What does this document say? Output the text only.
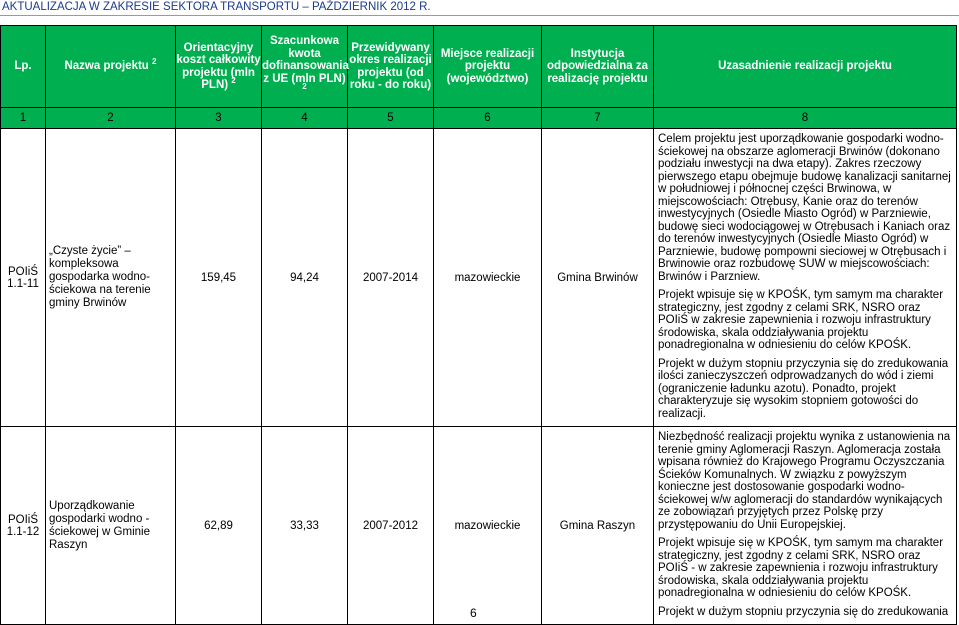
AKTUALIZACJA W ZAKRESIE SEKTORA TRANSPORTU – PAŹDZIERNIK 2012 R.
Lp.	Nazwa projektu $^2$	Orientacyjny koszt całkowity projektu (mln PLN) $^2$	Szacunkowa kwota dofinansowania z UE (mln PLN) $^2$	Przewidywany okres realizacji projektu (od roku - do roku)	Miejsce realizacji projektu (województwo)	Instytucja odpowiedzialna za realizację projektu	Uzasadnienie realizacji projektu
1	2	3	4	5	6	7	8
POIiŚ 1.1-11	„Czyste życie” – kompleksowa gospodarka wodno-ściekowa na terenie gminy Brwinów	159,45	94,24	2007-2014	mazowieckie	Gmina Brwinów	Celem projektu jest uporządkowanie gospodarki wodno-ściekowej na obszarze aglomeracji Brwinów (dokonano podziału inwestycji na dwa etapy). Zakres rzeczowy pierwszego etapu obejmuje budowę kanalizacji sanitarnej w południowej i północnej części Brwinowa, w miejscowościach: Otrębusy, Kanie oraz do terenów inwestycyjnych (Osiedle Miasto Ogród) w Parzniewie, budowę sieci wodociągowej w Otrębusach i Kaniach oraz do terenów inwestycyjnych (Osiedle Miasto Ogród) w Parzniewie, budowę pompowni sieciowej w Otrębusach i Brwinowie oraz rozbudowę SUW w miejscowościach: Brwinów i Parzniew.

Projekt wpisuje się w KPOŚK, tym samym ma charakter strategiczny, jest zgodny z celami SRK, NSRO oraz POIiŚ w zakresie zapewnienia i rozwoju infrastruktury środowiska, skala oddziaływania projektu ponadregionalna w odniesieniu do celów KPOŚK.

Projekt w dużym stopniu przyczynia się do zredukowania ilości zanieczyszczeń odprowadzanych do wód i ziemi (ograniczenie ładunku azotu). Ponadto, projekt charakteryzuje się wysokim stopniem gotowości do realizacji.

POIiŚ 1.1-12	Uporządkowanie gospodarki wodno - ściekowej w Gminie Raszyn	62,89	33,33	2007-2012	mazowieckie	Gmina Raszyn	Niezbędność realizacji projektu wynika z ustanowienia na terenie gminy Aglomeracji Raszyn. Aglomeracja została wpisana również do Krajowego Programu Oczyszczania Ścieków Komunalnych. W związku z powyższym konieczne jest dostosowanie gospodarki wodno-ściekowej w/w aglomeracji do standardów wynikających ze zobowiązań przyjętych przez Polskę przy przystępowaniu do Unii Europejskiej.

Projekt wpisuje się w KPOŚK, tym samym ma charakter strategiczny, jest zgodny z celami SRK, NSRO oraz POIiŚ - w zakresie zapewnienia i rozwoju infrastruktury środowiska, skala oddziaływania projektu ponadregionalna w odniesieniu do celów KPOŚK.

Projekt w dużym stopniu przyczynia się do zredukowania

6
